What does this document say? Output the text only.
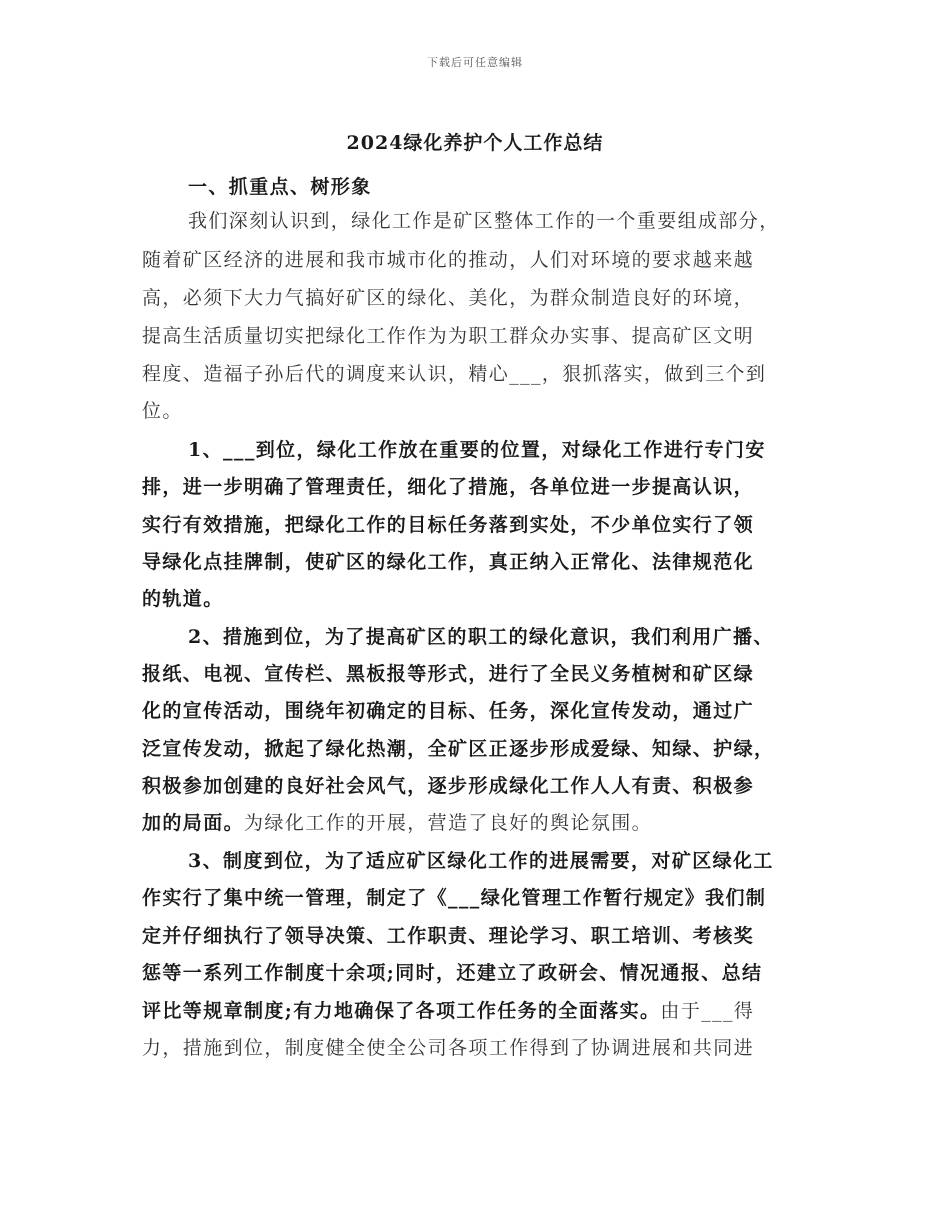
下载后可任意编辑
2024绿化养护个人工作总结
一、抓重点、树形象
我们深刻认识到，绿化工作是矿区整体工作的一个重要组成部分，
随着矿区经济的进展和我市城市化的推动，人们对环境的要求越来越
高，必须下大力气搞好矿区的绿化、美化，为群众制造良好的环境，
提高生活质量切实把绿化工作作为为职工群众办实事、提高矿区文明
程度、造福子孙后代的调度来认识，精心___，狠抓落实，做到三个到
位。
1、___到位，绿化工作放在重要的位置，对绿化工作进行专门安
排，进一步明确了管理责任，细化了措施，各单位进一步提高认识，
实行有效措施，把绿化工作的目标任务落到实处，不少单位实行了领
导绿化点挂牌制，使矿区的绿化工作，真正纳入正常化、法律规范化
的轨道。
2、措施到位，为了提高矿区的职工的绿化意识，我们利用广播、
报纸、电视、宣传栏、黑板报等形式，进行了全民义务植树和矿区绿
化的宣传活动，围绕年初确定的目标、任务，深化宣传发动，通过广
泛宣传发动，掀起了绿化热潮，全矿区正逐步形成爱绿、知绿、护绿，
积极参加创建的良好社会风气，逐步形成绿化工作人人有责、积极参
加的局面。为绿化工作的开展，营造了良好的舆论氛围。
3、制度到位，为了适应矿区绿化工作的进展需要，对矿区绿化工
作实行了集中统一管理，制定了《___绿化管理工作暂行规定》我们制
定并仔细执行了领导决策、工作职责、理论学习、职工培训、考核奖
惩等一系列工作制度十余项;同时，还建立了政研会、情况通报、总结
评比等规章制度;有力地确保了各项工作任务的全面落实。由于___得
力，措施到位，制度健全使全公司各项工作得到了协调进展和共同进
